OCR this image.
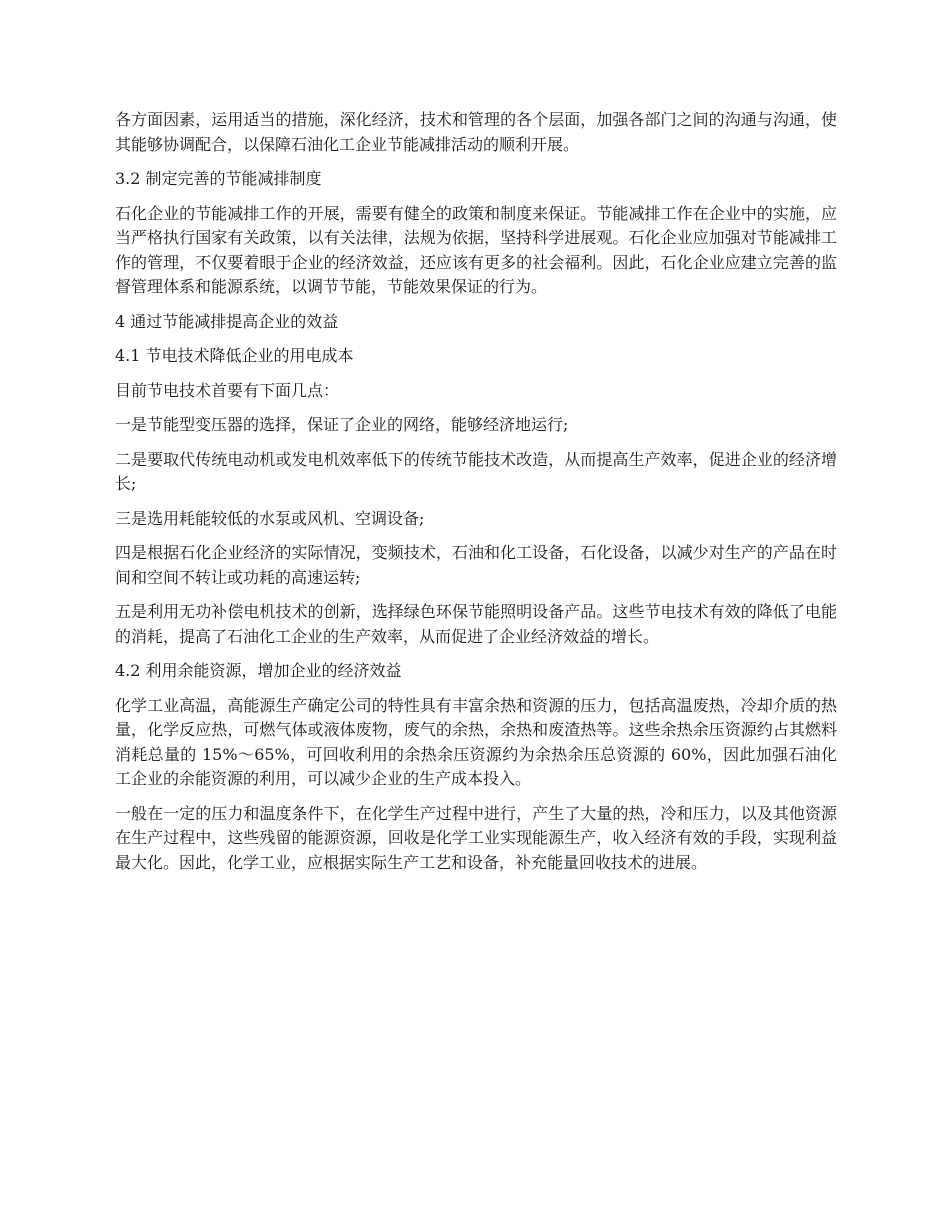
各方面因素，运用适当的措施，深化经济，技术和管理的各个层面，加强各部门之间的沟通与沟通，使其能够协调配合，以保障石油化工企业节能减排活动的顺利开展。

3.2 制定完善的节能减排制度

石化企业的节能减排工作的开展，需要有健全的政策和制度来保证。节能减排工作在企业中的实施，应当严格执行国家有关政策，以有关法律，法规为依据，坚持科学进展观。石化企业应加强对节能减排工作的管理，不仅要着眼于企业的经济效益，还应该有更多的社会福利。因此，石化企业应建立完善的监督管理体系和能源系统，以调节节能，节能效果保证的行为。

4 通过节能减排提高企业的效益

4.1 节电技术降低企业的用电成本

目前节电技术首要有下面几点：

一是节能型变压器的选择，保证了企业的网络，能够经济地运行;

二是要取代传统电动机或发电机效率低下的传统节能技术改造，从而提高生产效率，促进企业的经济增长;

三是选用耗能较低的水泵或风机、空调设备;

四是根据石化企业经济的实际情况，变频技术，石油和化工设备，石化设备，以减少对生产的产品在时间和空间不转让或功耗的高速运转;

五是利用无功补偿电机技术的创新，选择绿色环保节能照明设备产品。这些节电技术有效的降低了电能的消耗，提高了石油化工企业的生产效率，从而促进了企业经济效益的增长。

4.2 利用余能资源，增加企业的经济效益

化学工业高温，高能源生产确定公司的特性具有丰富余热和资源的压力，包括高温废热，冷却介质的热量，化学反应热，可燃气体或液体废物，废气的余热，余热和废渣热等。这些余热余压资源约占其燃料消耗总量的 15%～65%，可回收利用的余热余压资源约为余热余压总资源的 60%，因此加强石油化工企业的余能资源的利用，可以减少企业的生产成本投入。

一般在一定的压力和温度条件下，在化学生产过程中进行，产生了大量的热，冷和压力，以及其他资源在生产过程中，这些残留的能源资源，回收是化学工业实现能源生产，收入经济有效的手段，实现利益最大化。因此，化学工业，应根据实际生产工艺和设备，补充能量回收技术的进展。
